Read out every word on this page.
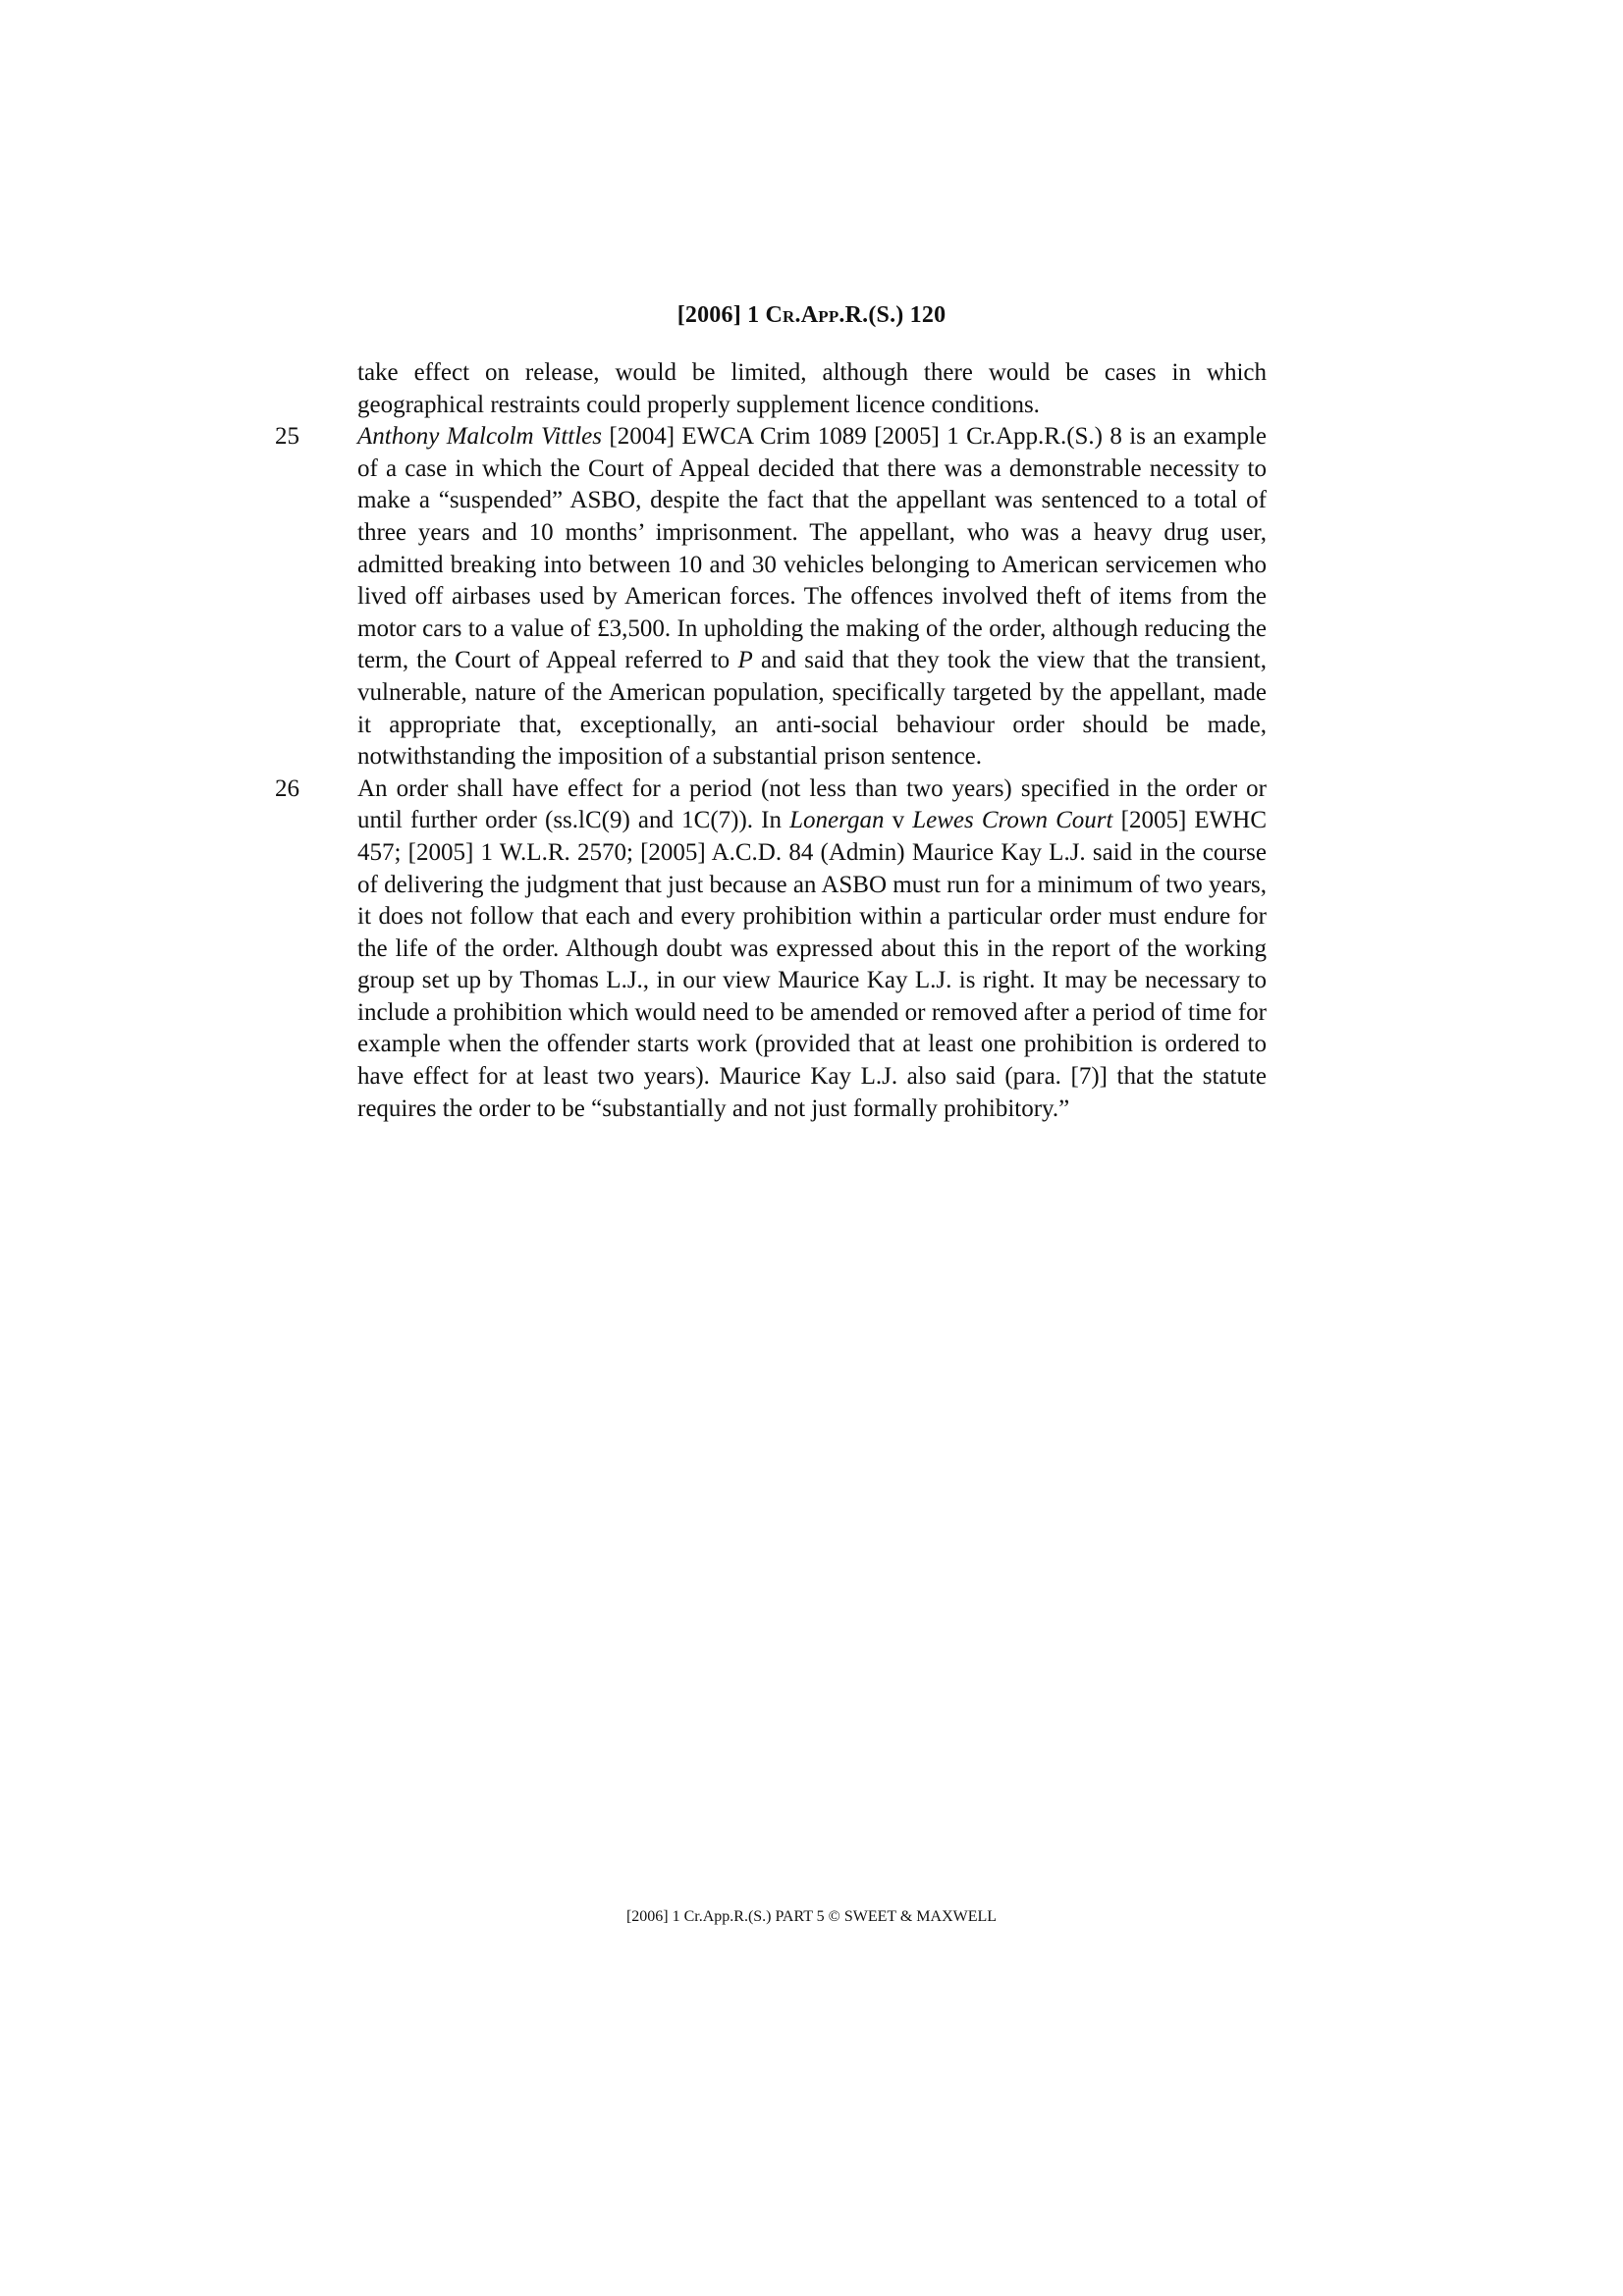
[2006] 1 Cr.App.R.(S.) 120

take effect on release, would be limited, although there would be cases in which geographical restraints could properly supplement licence conditions.

25	Anthony Malcolm Vittles [2004] EWCA Crim 1089 [2005] 1 Cr.App.R.(S.) 8 is an example of a case in which the Court of Appeal decided that there was a demonstrable necessity to make a “suspended” ASBO, despite the fact that the appellant was sentenced to a total of three years and 10 months’ imprisonment. The appellant, who was a heavy drug user, admitted breaking into between 10 and 30 vehicles belonging to American servicemen who lived off airbases used by American forces. The offences involved theft of items from the motor cars to a value of £3,500. In upholding the making of the order, although reducing the term, the Court of Appeal referred to P and said that they took the view that the transient, vulnerable, nature of the American population, specifically targeted by the appellant, made it appropriate that, exceptionally, an anti-social behaviour order should be made, notwithstanding the imposition of a substantial prison sentence.

26	An order shall have effect for a period (not less than two years) specified in the order or until further order (ss.lC(9) and 1C(7)). In Lonergan v Lewes Crown Court [2005] EWHC 457; [2005] 1 W.L.R. 2570; [2005] A.C.D. 84 (Admin) Maurice Kay L.J. said in the course of delivering the judgment that just because an ASBO must run for a minimum of two years, it does not follow that each and every prohibition within a particular order must endure for the life of the order. Although doubt was expressed about this in the report of the working group set up by Thomas L.J., in our view Maurice Kay L.J. is right. It may be necessary to include a prohibition which would need to be amended or removed after a period of time for example when the offender starts work (provided that at least one prohibition is ordered to have effect for at least two years). Maurice Kay L.J. also said (para. [7)] that the statute requires the order to be “substantially and not just formally prohibitory.”

[2006] 1 Cr.App.R.(S.) PART 5 © SWEET & MAXWELL
